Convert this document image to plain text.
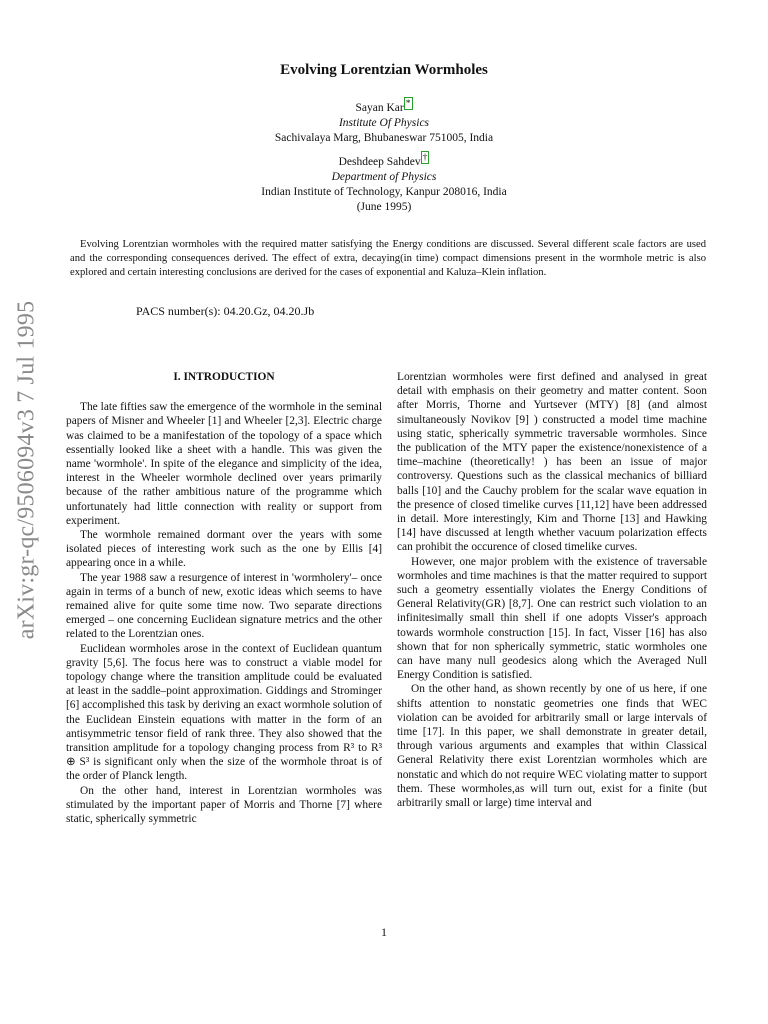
arXiv:gr-qc/9506094v3 7 Jul 1995
Evolving Lorentzian Wormholes
Sayan Kar *
Institute Of Physics
Sachivalaya Marg, Bhubaneswar 751005, India
Deshdeep Sahdev †
Department of Physics
Indian Institute of Technology, Kanpur 208016, India
(June 1995)
Evolving Lorentzian wormholes with the required matter satisfying the Energy conditions are discussed. Several different scale factors are used and the corresponding consequences derived. The effect of extra, decaying(in time) compact dimensions present in the wormhole metric is also explored and certain interesting conclusions are derived for the cases of exponential and Kaluza–Klein inflation.
PACS number(s): 04.20.Gz, 04.20.Jb
I. INTRODUCTION

The late fifties saw the emergence of the wormhole in the seminal papers of Misner and Wheeler [1] and Wheeler [2,3]. Electric charge was claimed to be a manifestation of the topology of a space which essentially looked like a sheet with a handle. This was given the name 'wormhole'. In spite of the elegance and simplicity of the idea, interest in the Wheeler wormhole declined over years primarily because of the rather ambitious nature of the programme which unfortunately had little connection with reality or support from experiment.

The wormhole remained dormant over the years with some isolated pieces of interesting work such as the one by Ellis [4] appearing once in a while.

The year 1988 saw a resurgence of interest in 'wormholery'– once again in terms of a bunch of new, exotic ideas which seems to have remained alive for quite some time now. Two separate directions emerged – one concerning Euclidean signature metrics and the other related to the Lorentzian ones.

Euclidean wormholes arose in the context of Euclidean quantum gravity [5,6]. The focus here was to construct a viable model for topology change where the transition amplitude could be evaluated at least in the saddle–point approximation. Giddings and Strominger [6] accomplished this task by deriving an exact wormhole solution of the Euclidean Einstein equations with matter in the form of an antisymmetric tensor field of rank three. They also showed that the transition amplitude for a topology changing process from R³ to R³ ⊕ S³ is significant only when the size of the wormhole throat is of the order of Planck length.

On the other hand, interest in Lorentzian wormholes was stimulated by the important paper of Morris and Thorne [7] where static, spherically symmetric

Lorentzian wormholes were first defined and analysed in great detail with emphasis on their geometry and matter content. Soon after Morris, Thorne and Yurtsever (MTY) [8] (and almost simultaneously Novikov [9] ) constructed a model time machine using static, spherically symmetric traversable wormholes. Since the publication of the MTY paper the existence/nonexistence of a time–machine (theoretically! ) has been an issue of major controversy. Questions such as the classical mechanics of billiard balls [10] and the Cauchy problem for the scalar wave equation in the presence of closed timelike curves [11,12] have been addressed in detail. More interestingly, Kim and Thorne [13] and Hawking [14] have discussed at length whether vacuum polarization effects can prohibit the occurence of closed timelike curves.

However, one major problem with the existence of traversable wormholes and time machines is that the matter required to support such a geometry essentially violates the Energy Conditions of General Relativity(GR) [8,7]. One can restrict such violation to an infinitesimally small thin shell if one adopts Visser's approach towards wormhole construction [15]. In fact, Visser [16] has also shown that for non spherically symmetric, static wormholes one can have many null geodesics along which the Averaged Null Energy Condition is satisfied.

On the other hand, as shown recently by one of us here, if one shifts attention to nonstatic geometries one finds that WEC violation can be avoided for arbitrarily small or large intervals of time [17]. In this paper, we shall demonstrate in greater detail, through various arguments and examples that within Classical General Relativity there exist Lorentzian wormholes which are nonstatic and which do not require WEC violating matter to support them. These wormholes,as will turn out, exist for a finite (but arbitrarily small or large) time interval and

1
